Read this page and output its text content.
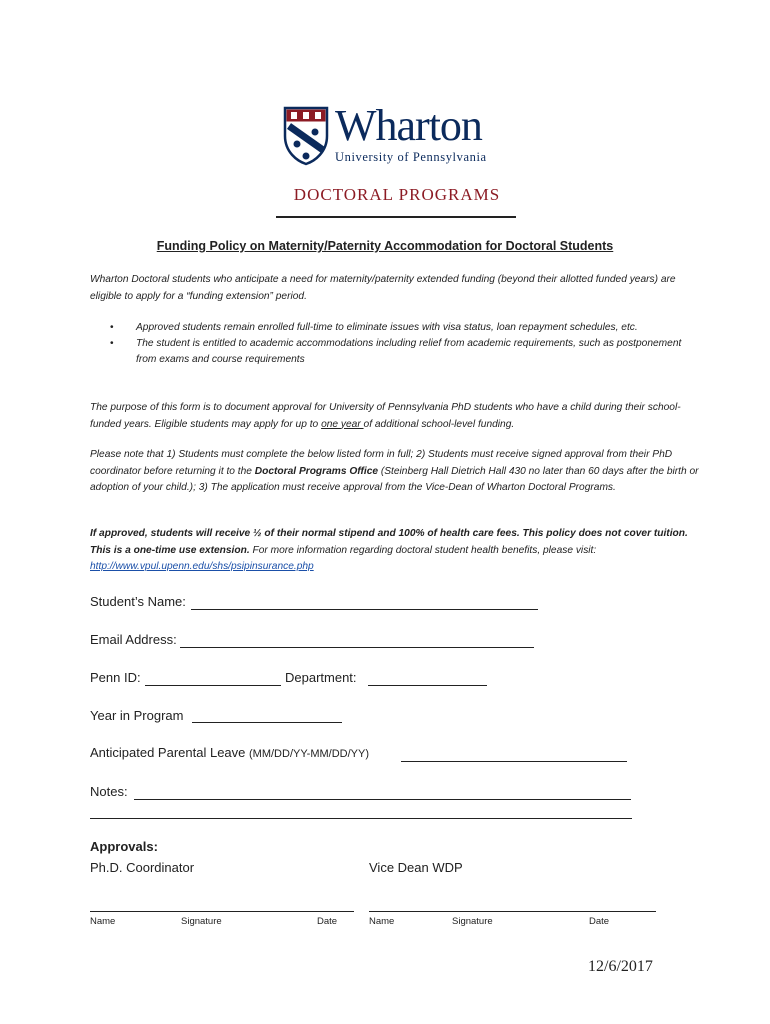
Wharton
University of Pennsylvania
DOCTORAL PROGRAMS
Funding Policy on Maternity/Paternity Accommodation for Doctoral Students
Wharton Doctoral students who anticipate a need for maternity/paternity extended funding (beyond their allotted funded years) are eligible to apply for a “funding extension” period.
• Approved students remain enrolled full-time to eliminate issues with visa status, loan repayment schedules, etc.
• The student is entitled to academic accommodations including relief from academic requirements, such as postponement from exams and course requirements
The purpose of this form is to document approval for University of Pennsylvania PhD students who have a child during their school-funded years. Eligible students may apply for up to one year of additional school-level funding.
Please note that 1) Students must complete the below listed form in full; 2) Students must receive signed approval from their PhD coordinator before returning it to the Doctoral Programs Office (Steinberg Hall Dietrich Hall 430 no later than 60 days after the birth or adoption of your child.); 3) The application must receive approval from the Vice-Dean of Wharton Doctoral Programs.
If approved, students will receive ½ of their normal stipend and 100% of health care fees. This policy does not cover tuition. This is a one-time use extension. For more information regarding doctoral student health benefits, please visit: http://www.vpul.upenn.edu/shs/psipinsurance.php
Student’s Name:
Email Address:
Penn ID:	Department:
Year in Program
Anticipated Parental Leave (MM/DD/YY-MM/DD/YY)
Notes:
Approvals:
Ph.D. Coordinator	Vice Dean WDP
Name	Signature	Date	Name	Signature	Date
12/6/2017
